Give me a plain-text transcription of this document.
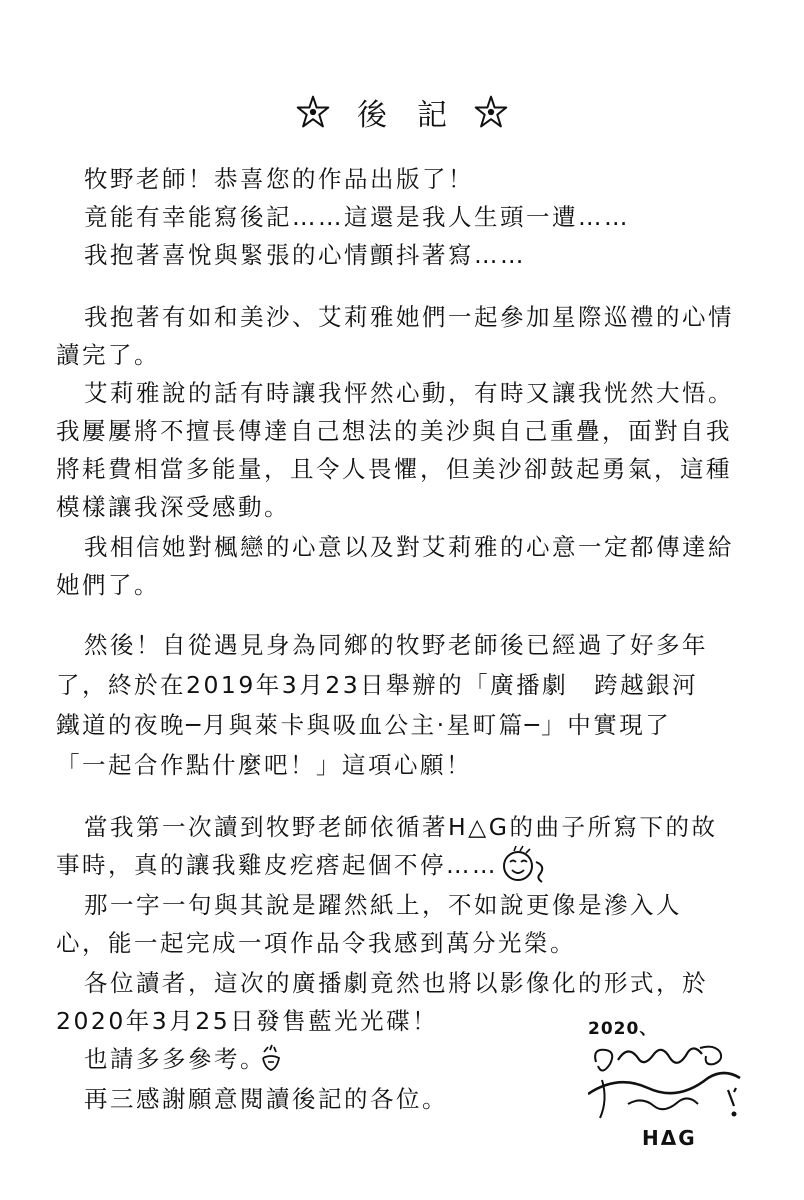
後記
牧野老師！恭喜您的作品出版了！
竟能有幸能寫後記……這還是我人生頭一遭……
我抱著喜悅與緊張的心情顫抖著寫……
我抱著有如和美沙、艾莉雅她們一起參加星際巡禮的心情
讀完了。
艾莉雅說的話有時讓我怦然心動，有時又讓我恍然大悟。
我屢屢將不擅長傳達自己想法的美沙與自己重疊，面對自我
將耗費相當多能量，且令人畏懼，但美沙卻鼓起勇氣，這種
模樣讓我深受感動。
我相信她對楓戀的心意以及對艾莉雅的心意一定都傳達給
她們了。
然後！自從遇見身為同鄉的牧野老師後已經過了好多年
了，終於在2019年3月23日舉辦的「廣播劇　跨越銀河
鐵道的夜晚─月與萊卡與吸血公主‧星町篇─」中實現了
「一起合作點什麼吧！」這項心願！
當我第一次讀到牧野老師依循著H△G的曲子所寫下的故
事時，真的讓我雞皮疙瘩起個不停……
那一字一句與其說是躍然紙上，不如說更像是滲入人
心，能一起完成一項作品令我感到萬分光榮。
各位讀者，這次的廣播劇竟然也將以影像化的形式，於
2020年3月25日發售藍光光碟！
也請多多參考。
再三感謝願意閱讀後記的各位。
2020、
HΔG
